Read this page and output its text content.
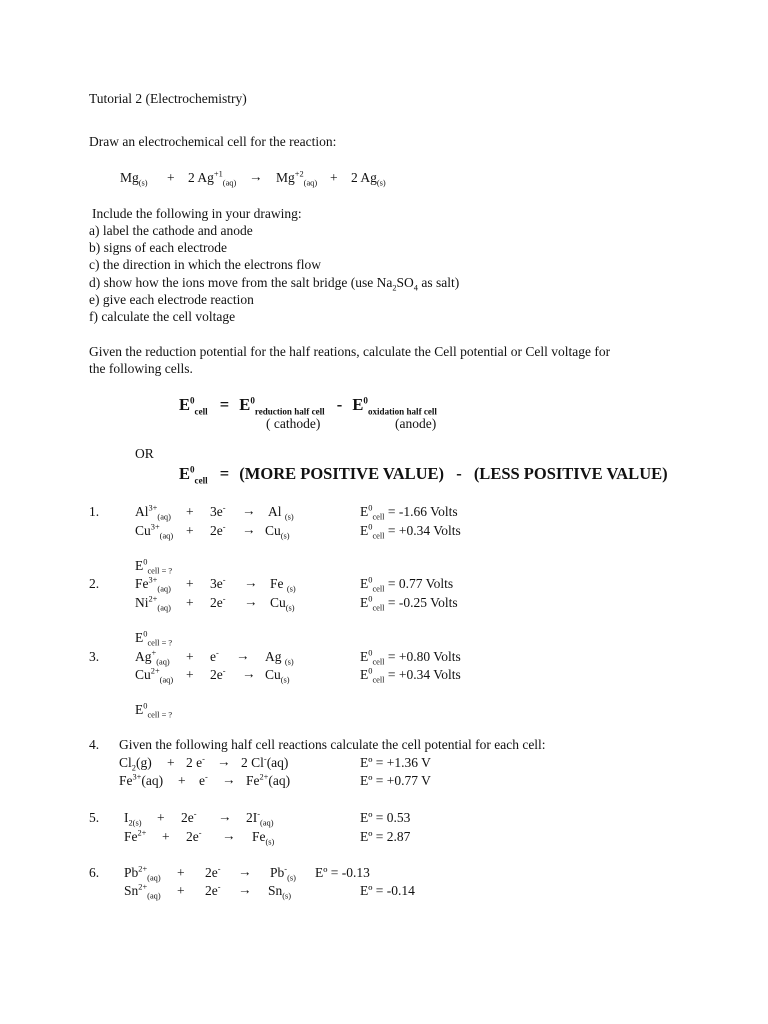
Tutorial 2 (Electrochemistry)
Draw an electrochemical cell for the reaction:
$Mg_{(s)} + 2$ $Ag^{+1}_{(aq)} \to Mg^{+2}_{(aq)} + 2$ $Ag_{(s)}$
Include the following in your drawing:
a) label the cathode and anode
b) signs of each electrode
c) the direction in which the electrons flow
d) show how the ions move from the salt bridge (use $Na_2SO_4$ as salt)
e) give each electrode reaction
f) calculate the cell voltage
Given the reduction potential for the half reations, calculate the Cell potential or Cell voltage for
the following cells.
$E^0_{cell} = E^0_{reduction half cell} - E^0_{oxidation half cell}$
( cathode)	(anode)
OR
$E^0_{cell}$ = (MORE POSITIVE VALUE) - (LESS POSITIVE VALUE)
1.	$Al^{3+}_{(aq)} + 3e^- \to Al$ $_{(s)}$	$E^0_{cell} = -1.66$ Volts
$Cu^{3+}_{(aq)} + 2e^- \to Cu_{(s)}$	$E^0_{cell} = +0.34$ Volts
$E^0_{cell = ?}$
2.	$Fe^{3+}_{(aq)} + 3e^- \to Fe$ $_{(s)}$	$E^0_{cell} = 0.77$ Volts
$Ni^{2+}_{(aq)} + 2e^- \to Cu_{(s)}$	$E^0_{cell} = -0.25$ Volts
$E^0_{cell = ?}$
3.	$Ag^+_{(aq)} + e^- \to Ag$ $_{(s)}$	$E^0_{cell} = +0.80$ Volts
$Cu^{2+}_{(aq)} + 2e^- \to Cu_{(s)}$	$E^0_{cell} = +0.34$ Volts
$E^0_{cell = ?}$
4. Given the following half cell reactions calculate the cell potential for each cell:
$Cl_2(g) + 2$ e- → 2 Cl-(aq)	Eº = +1.36 V
$Fe^{3+}(aq) + e^- \to Fe^{2+}(aq)$	Eº = +0.77 V
5. $I_{2(s)} + 2e^- \to 2I^-_{(aq)}$	Eº = 0.53
$Fe^{2+} + 2e^- \to Fe_{(s)}$	Eº = 2.87
6. $Pb^{2+}_{(aq)} + 2e^- \to Pb^-_{(s)}$ Eº = -0.13
$Sn^{2+}_{(aq)} + 2e^- \to Sn_{(s)}$	Eº = -0.14
